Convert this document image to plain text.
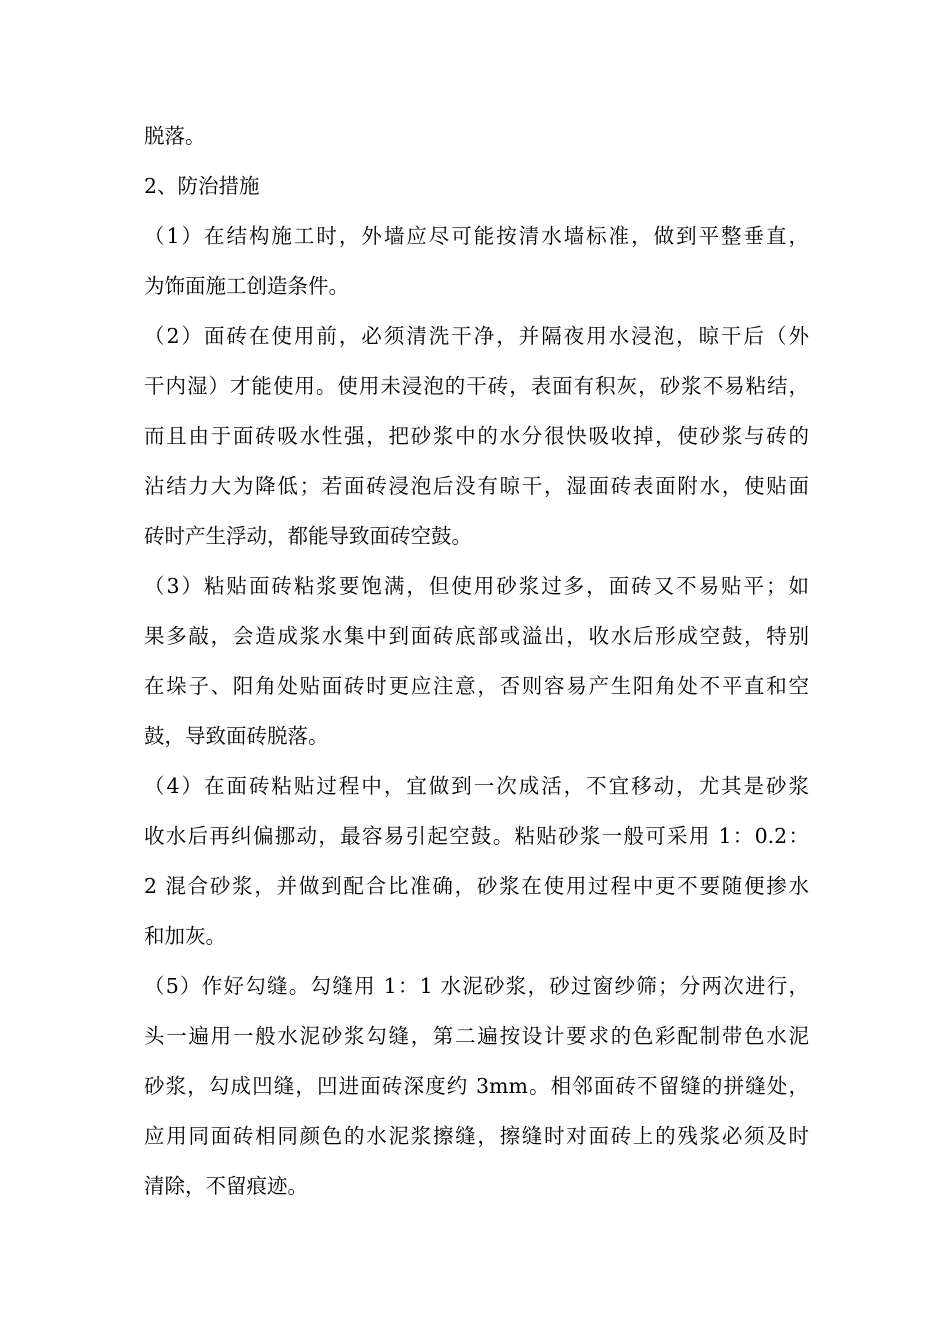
脱落。
2、防治措施
（1）在结构施工时，外墙应尽可能按清水墙标准，做到平整垂直，
为饰面施工创造条件。
（2）面砖在使用前，必须清洗干净，并隔夜用水浸泡，晾干后（外
干内湿）才能使用。使用未浸泡的干砖，表面有积灰，砂浆不易粘结，
而且由于面砖吸水性强，把砂浆中的水分很快吸收掉，使砂浆与砖的
沾结力大为降低；若面砖浸泡后没有晾干，湿面砖表面附水，使贴面
砖时产生浮动，都能导致面砖空鼓。
（3）粘贴面砖粘浆要饱满，但使用砂浆过多，面砖又不易贴平；如
果多敲，会造成浆水集中到面砖底部或溢出，收水后形成空鼓，特别
在垛子、阳角处贴面砖时更应注意，否则容易产生阳角处不平直和空
鼓，导致面砖脱落。
（4）在面砖粘贴过程中，宜做到一次成活，不宜移动，尤其是砂浆
收水后再纠偏挪动，最容易引起空鼓。粘贴砂浆一般可采用 1：0.2：
2 混合砂浆，并做到配合比准确，砂浆在使用过程中更不要随便掺水
和加灰。
（5）作好勾缝。勾缝用 1：1 水泥砂浆，砂过窗纱筛；分两次进行，
头一遍用一般水泥砂浆勾缝，第二遍按设计要求的色彩配制带色水泥
砂浆，勾成凹缝，凹进面砖深度约 3mm。相邻面砖不留缝的拼缝处，
应用同面砖相同颜色的水泥浆擦缝，擦缝时对面砖上的残浆必须及时
清除，不留痕迹。
